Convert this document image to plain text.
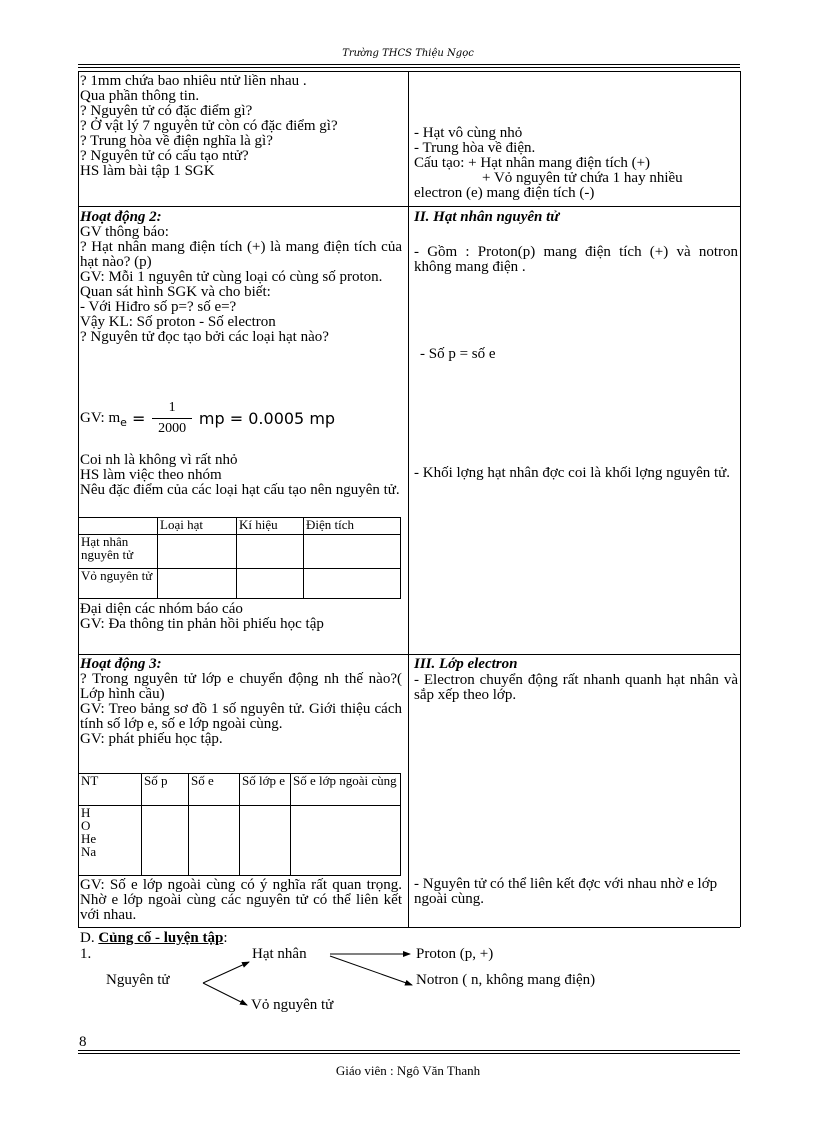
Trường THCS Thiệu Ngọc

? 1mm chứa bao nhiêu ntử liền nhau .

Qua phần thông tin.

? Nguyên tử có đặc điểm gì?

? Ở vật lý 7 nguyên tử còn có đặc điểm gì?

? Trung hòa về điện nghĩa là gì?

? Nguyên tử có cấu tạo ntử?

HS làm bài tập 1 SGK

- Hạt vô cùng nhỏ

- Trung hòa về điện.

Cấu tạo: + Hạt nhân mang điện tích (+)

+ Vỏ nguyên tử chứa 1 hay nhiều

electron (e) mang điện tích (-)

Hoạt động 2:

GV thông báo:

? Hạt nhân mang điện tích (+) là mang điện tích của hạt nào? (p)

GV: Mỗi 1 nguyên tử cùng loại có cùng số proton.

Quan sát hình SGK và cho biết:

- Với Hiđro số p=? số e=?

Vậy KL: Số proton - Số electron

? Nguyên tử đọc tạo bởi các loại hạt nào?

GV: $m_e = \frac{1}{2000}$ mp = 0.0005 mp

Coi nh là không vì rất nhỏ

HS làm việc theo nhóm

Nêu đặc điểm của các loại hạt cấu tạo nên nguyên tử.

	Loại hạt	Kí hiệu	Điện tích
Hạt nhân nguyên tử			
Vỏ nguyên tử			

Đại diện các nhóm báo cáo

GV: Đa thông tin phản hồi phiếu học tập

II. Hạt nhân nguyên tử

- Gồm : Proton(p) mang điện tích (+) và notron không mang điện .

- Số p = số e

- Khối lợng hạt nhân đợc coi là khối lợng nguyên tử.

Hoạt động 3:

? Trong nguyên tử lớp e chuyển động nh thế nào?( Lớp hình cầu)

GV: Treo bảng sơ đồ 1 số nguyên tử. Giới thiệu cách tính số lớp e, số e lớp ngoài cùng.

GV: phát phiếu học tập.

NT	Số p	Số e	Số lớp e	Số e lớp ngoài cùng

H
O
He
Na				

GV: Số e lớp ngoài cùng có ý nghĩa rất quan trọng. Nhờ e lớp ngoài cùng các nguyên tử có thể liên kết với nhau.

III. Lớp electron

- Electron chuyển động rất nhanh quanh hạt nhân và sắp xếp theo lớp.

- Nguyên tử có thể liên kết đợc với nhau nhờ e lớp ngoài cùng.

D. Củng cố - luyện tập:
1.	Hạt nhân	Proton (p, +)
Nguyên tử	Notron ( n, không mang điện)
Vỏ nguyên tử
8
Giáo viên : Ngô Văn Thanh
